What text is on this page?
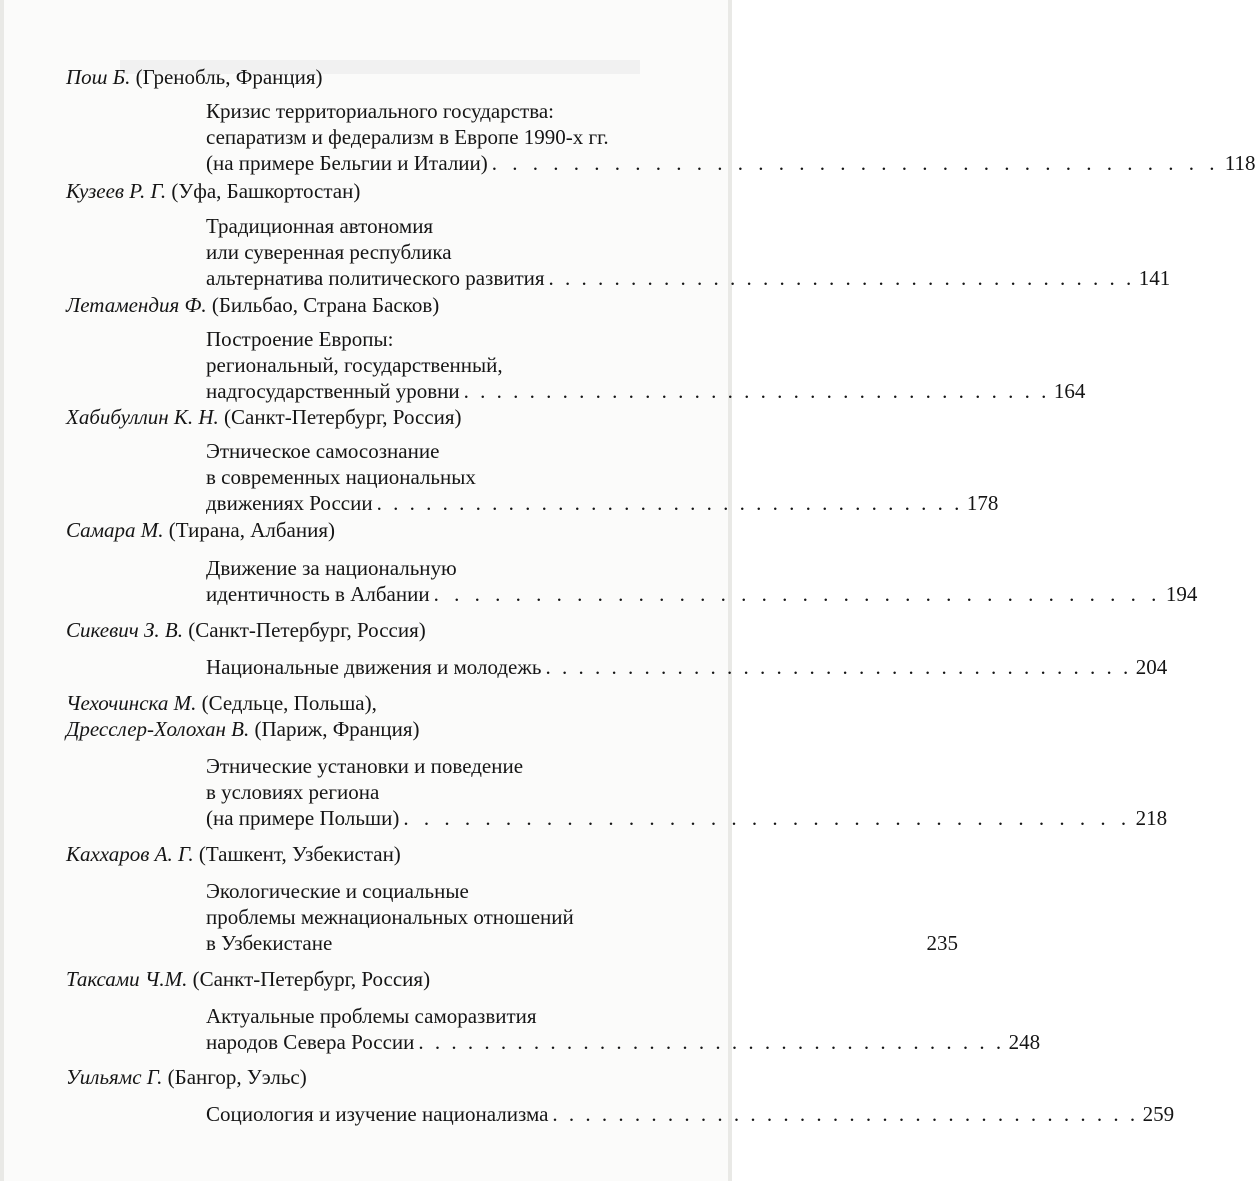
Пош Б. (Гренобль, Франция)
Кризис территориального государства:
сепаратизм и федерализм в Европе 1990-х гг.
(на примере Бельгии и Италии) . . . . . . . . . . . . . . . . . . . . . . . . . . . . . . . . . . . . 118
Кузеев Р. Г. (Уфа, Башкортостан)
Традиционная автономия
или суверенная республика
альтернатива политического развития . . . . . . . . . . . . . . . . . . . . . . . . . . . . . . . . . . . . 141
Летамендия Ф. (Бильбао, Страна Басков)
Построение Европы:
региональный, государственный,
надгосударственный уровни . . . . . . . . . . . . . . . . . . . . . . . . . . . . . . . . . . . . 164
Хабибуллин К. Н. (Санкт-Петербург, Россия)
Этническое самосознание
в современных национальных
движениях России . . . . . . . . . . . . . . . . . . . . . . . . . . . . . . . . . . . . 178
Самара М. (Тирана, Албания)
Движение за национальную
идентичность в Албании . . . . . . . . . . . . . . . . . . . . . . . . . . . . . . . . . . . . 194
Сикевич З. В. (Санкт-Петербург, Россия)
Национальные движения и молодежь . . . . . . . . . . . . . . . . . . . . . . . . . . . . . . . . . . . . 204
Чехочинска М. (Седльце, Польша),
Дресслер-Холохан В. (Париж, Франция)
Этнические установки и поведение
в условиях региона
(на примере Польши) . . . . . . . . . . . . . . . . . . . . . . . . . . . . . . . . . . . . 218
Каххаров А. Г. (Ташкент, Узбекистан)
Экологические и социальные
проблемы межнациональных отношений
в Узбекистане	235
Таксами Ч.М. (Санкт-Петербург, Россия)
Актуальные проблемы саморазвития
народов Севера России . . . . . . . . . . . . . . . . . . . . . . . . . . . . . . . . . . . . 248
Уильямс Г. (Бангор, Уэльс)
Социология и изучение национализма . . . . . . . . . . . . . . . . . . . . . . . . . . . . . . . . . . . . 259
